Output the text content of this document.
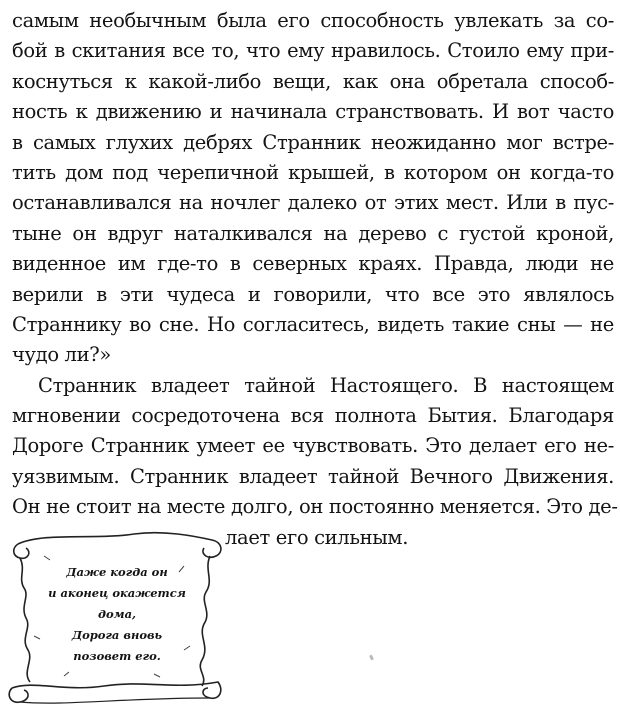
самым необычным была его способность увлекать за со-
бой в скитания все то, что ему нравилось. Стоило ему при-
коснуться к какой-либо вещи, как она обретала способ-
ность к движению и начинала странствовать. И вот часто
в самых глухих дебрях Странник неожиданно мог встре-
тить дом под черепичной крышей, в котором он когда-то
останавливался на ночлег далеко от этих мест. Или в пус-
тыне он вдруг наталкивался на дерево с густой кроной,
виденное им где-то в северных краях. Правда, люди не
верили в эти чудеса и говорили, что все это являлось
Страннику во сне. Но согласитесь, видеть такие сны — не
чудо ли?»
Странник владеет тайной Настоящего. В настоящем
мгновении сосредоточена вся полнота Бытия. Благодаря
Дороге Странник умеет ее чувствовать. Это делает его не-
уязвимым. Странник владеет тайной Вечного Движения.
Он не стоит на месте долго, он постоянно меняется. Это де-
лает его сильным.
Даже когда он
и аконец окажется
дома,
Дорога вновь
позовет его.
